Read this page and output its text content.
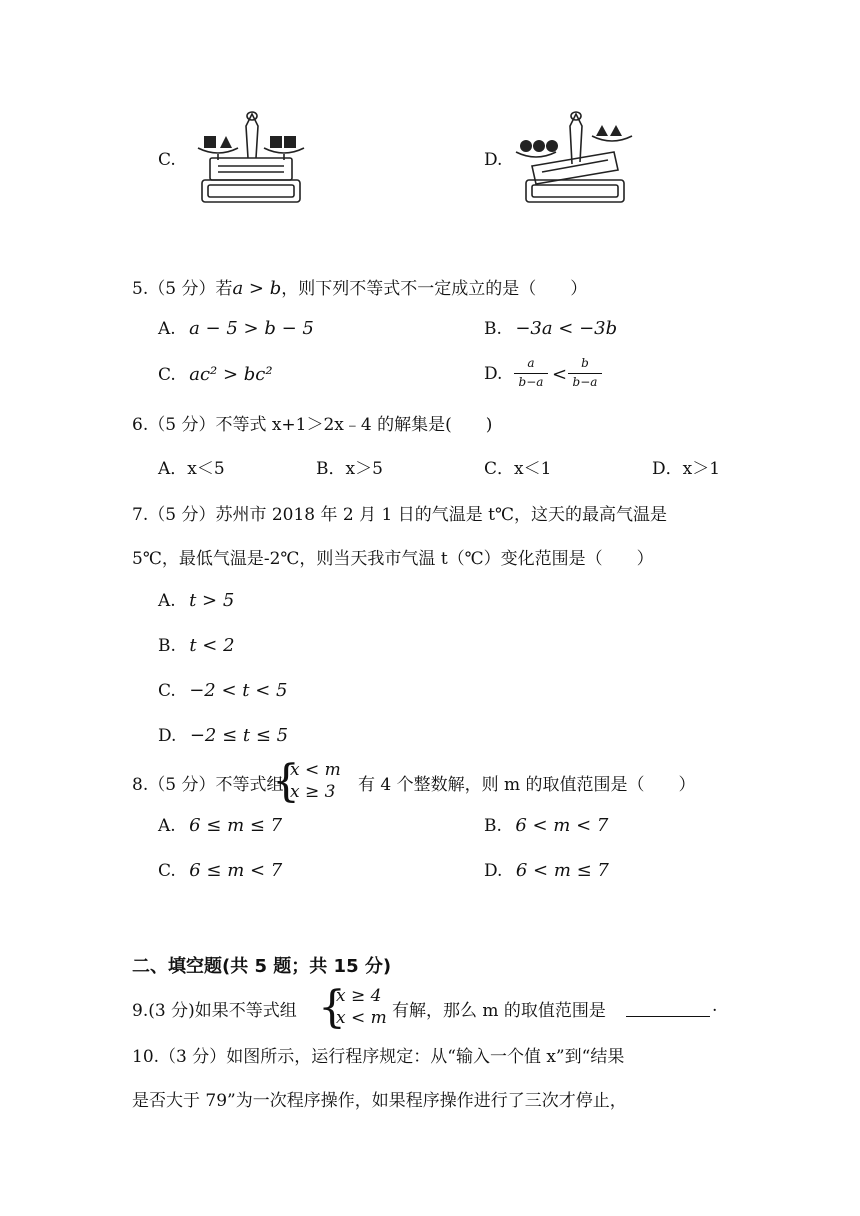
C.	D.
5.（5 分）若a > b，则下列不等式不一定成立的是（　　）
A. a − 5 > b − 5	B. −3a < −3b
C. ac² > bc²	D.
a
b−a <
b
b−a
6.（5 分）不等式 x+1＞2x﹣4 的解集是(　　)
A．x＜5	B．x＞5	C．x＜1	D．x＞1
7.（5 分）苏州市 2018 年 2 月 1 日的气温是 t℃，这天的最高气温是
5℃，最低气温是-2℃，则当天我市气温 t（℃）变化范围是（　　）
A. t > 5
B. t < 2
C. −2 < t < 5
D. −2 ≤ t ≤ 5
8.（5 分）不等式组
{
x < m
x ≥ 3 有 4 个整数解，则 m 的取值范围是（　　）
A. 6 ≤ m ≤ 7	B. 6 < m < 7
C. 6 ≤ m < 7	D. 6 < m ≤ 7
二、填空题(共 5 题；共 15 分)
9.(3 分)如果不等式组 {
x ≥ 4
x < m 有解，那么 m 的取值范围是	.
10.（3 分）如图所示，运行程序规定：从“输入一个值 x”到“结果
是否大于 79”为一次程序操作，如果程序操作进行了三次才停止，
